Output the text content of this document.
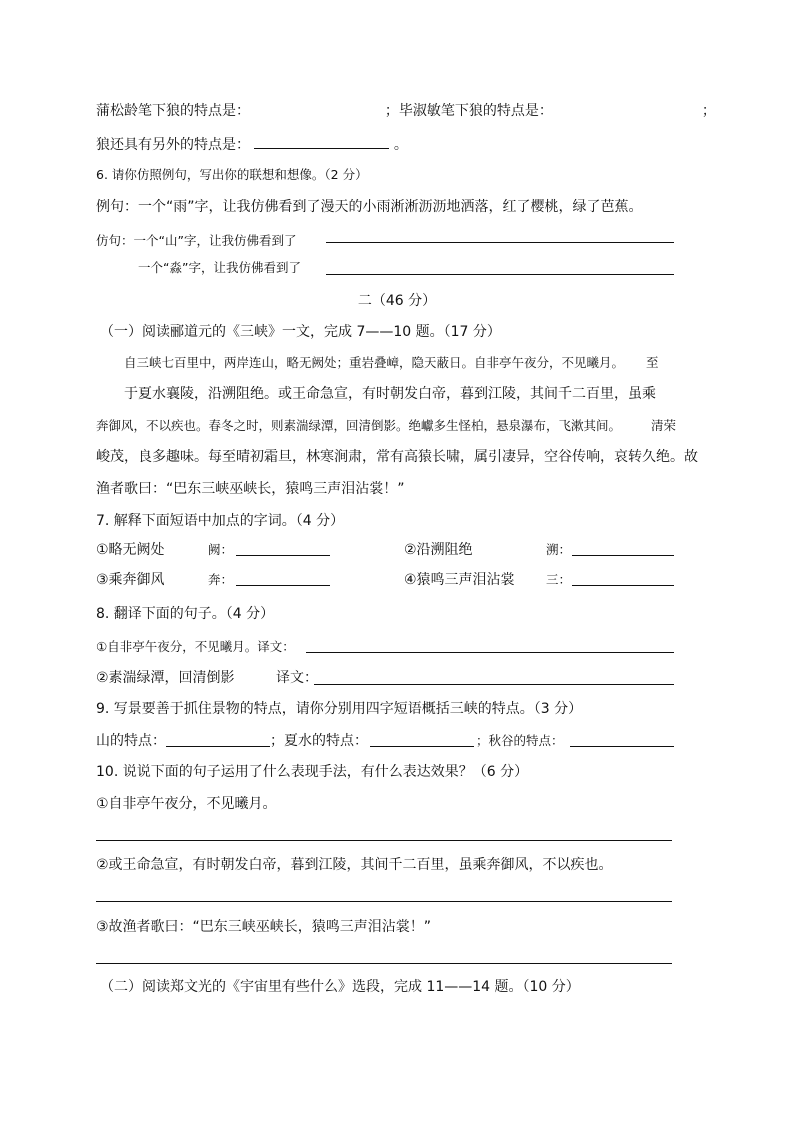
蒲松龄笔下狼的特点是：	；毕淑敏笔下狼的特点是：	；
狼还具有另外的特点是：	。
6. 请你仿照例句，写出你的联想和想像。（2 分）
例句：一个“雨”字，让我仿佛看到了漫天的小雨淅淅沥沥地洒落，红了樱桃，绿了芭蕉。
仿句：一个“山”字，让我仿佛看到了
一个“淼”字，让我仿佛看到了
二（46 分）
（一）阅读郦道元的《三峡》一文，完成 7——10 题。（17 分）
自三峡七百里中，两岸连山，略无阙处；重岩叠嶂，隐天蔽日。自非亭午夜分，不见曦月。 至
于夏水襄陵，沿溯阻绝。或王命急宣，有时朝发白帝，暮到江陵，其间千二百里，虽乘
奔御风，不以疾也。春冬之时，则素湍绿潭，回清倒影。绝巘多生怪柏，悬泉瀑布，飞漱其间。 清荣
峻茂，良多趣味。每至晴初霜旦，林寒涧肃，常有高猿长啸，属引凄异，空谷传响，哀转久绝。故
渔者歌曰：“巴东三峡巫峡长，猿鸣三声泪沾裳！”
7. 解释下面短语中加点的字词。（4 分）
①略无阙处	阙：	②沿溯阻绝	溯：
③乘奔御风	奔：	④猿鸣三声泪沾裳	三：
8. 翻译下面的句子。（4 分）
①自非亭午夜分，不见曦月。译文：
②素湍绿潭，回清倒影	译文：
9. 写景要善于抓住景物的特点，请你分别用四字短语概括三峡的特点。（3 分）
山的特点：	；夏水的特点：	；秋谷的特点：
10. 说说下面的句子运用了什么表现手法，有什么表达效果？（6 分）
①自非亭午夜分，不见曦月。
②或王命急宣，有时朝发白帝，暮到江陵，其间千二百里，虽乘奔御风，不以疾也。
③故渔者歌曰：“巴东三峡巫峡长，猿鸣三声泪沾裳！”
（二）阅读郑文光的《宇宙里有些什么》选段，完成 11——14 题。（10 分）
